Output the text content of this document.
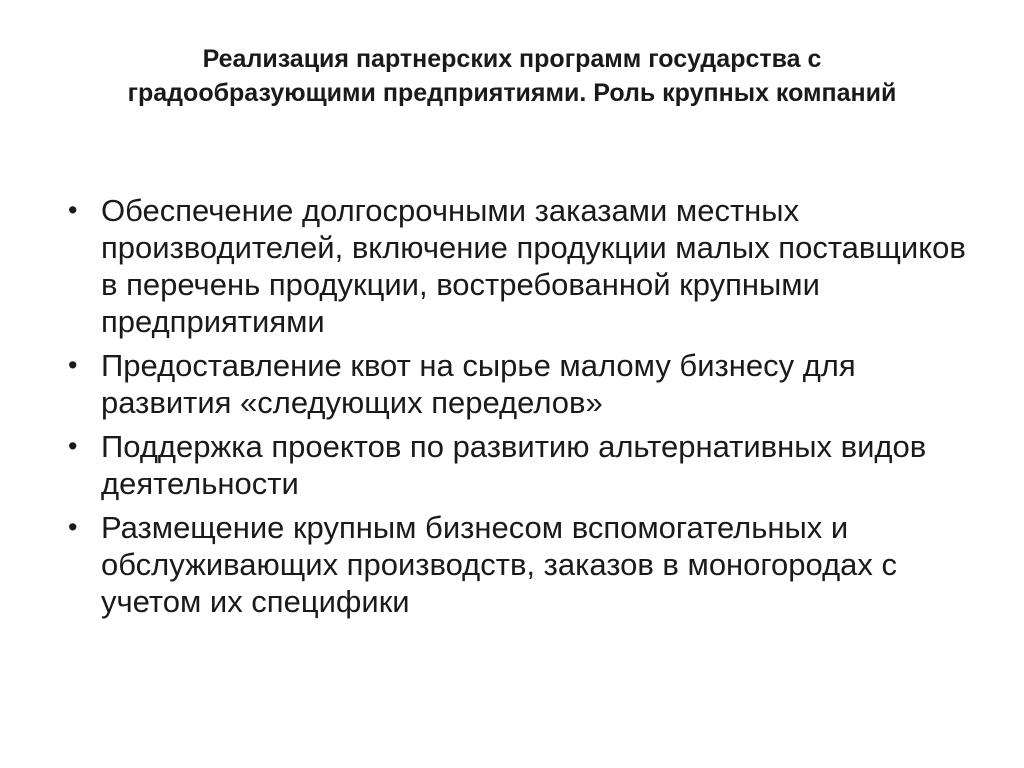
Реализация партнерских программ государства с градообразующими предприятиями. Роль крупных компаний
• Обеспечение долгосрочными заказами местных производителей, включение продукции малых поставщиков в перечень продукции, востребованной крупными предприятиями
• Предоставление квот на сырье малому бизнесу для развития «следующих переделов»
• Поддержка проектов по развитию альтернативных видов деятельности
• Размещение крупным бизнесом вспомогательных и обслуживающих производств, заказов в моногородах с учетом их специфики
